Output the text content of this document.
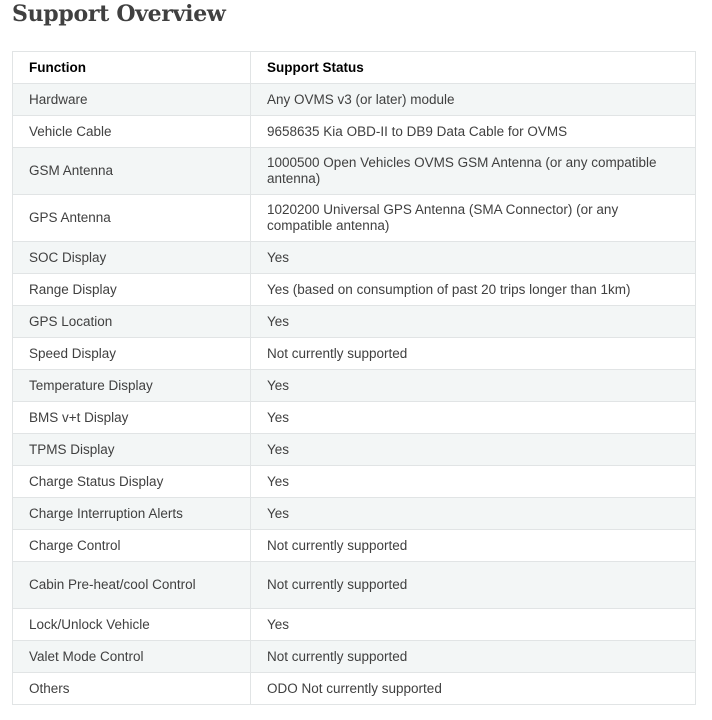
Support Overview
Function	Support Status
Hardware	Any OVMS v3 (or later) module
Vehicle Cable	9658635 Kia OBD-II to DB9 Data Cable for OVMS
GSM Antenna	1000500 Open Vehicles OVMS GSM Antenna (or any compatible antenna)
GPS Antenna	1020200 Universal GPS Antenna (SMA Connector) (or any compatible antenna)
SOC Display	Yes
Range Display	Yes (based on consumption of past 20 trips longer than 1km)
GPS Location	Yes
Speed Display	Not currently supported
Temperature Display	Yes
BMS v+t Display	Yes
TPMS Display	Yes
Charge Status Display	Yes
Charge Interruption Alerts	Yes
Charge Control	Not currently supported
Cabin Pre-heat/cool Control	Not currently supported
Lock/Unlock Vehicle	Yes
Valet Mode Control	Not currently supported
Others	ODO Not currently supported
